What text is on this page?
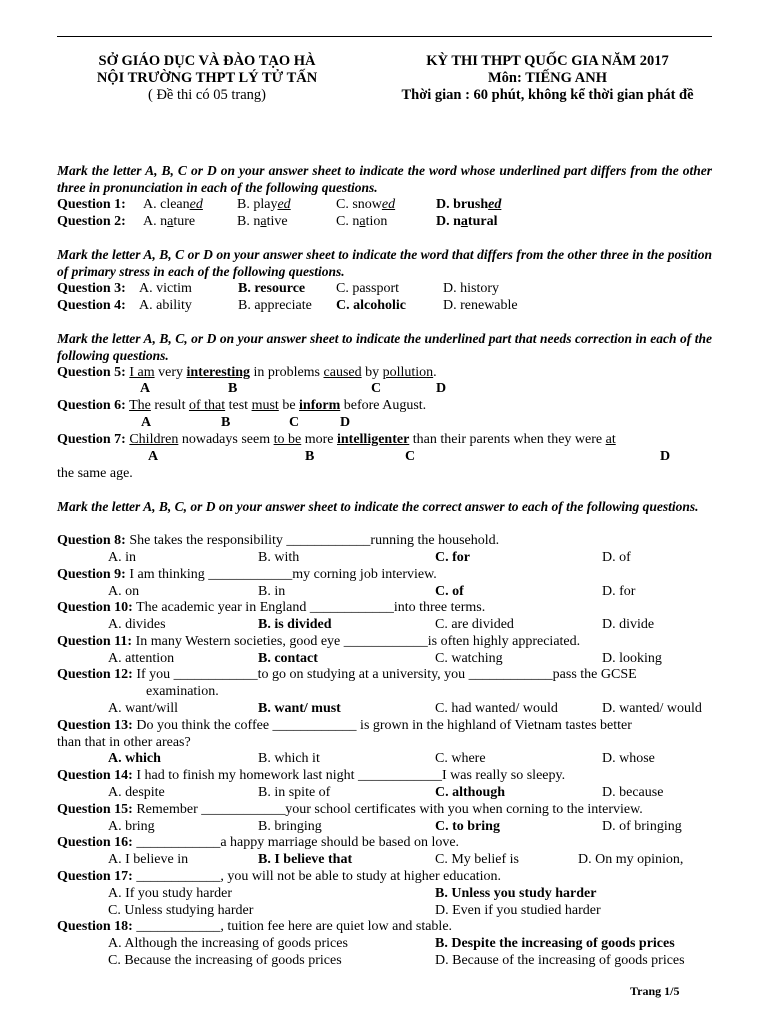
SỞ GIÁO DỤC VÀ ĐÀO TẠO HÀ
NỘI TRƯỜNG THPT LÝ TỬ TẤN
( Đề thi có 05 trang)
KỲ THI THPT QUỐC GIA NĂM 2017
Môn: TIẾNG ANH
Thời gian : 60 phút, không kể thời gian phát đề
Mark the letter A, B, C or D on your answer sheet to indicate the word whose underlined part differs from the other three in pronunciation in each of the following questions.
Question 1: A. cleaned B. played	C. snowed	D. brushed
Question 2: A. nature	B. native	C. nation	D. natural
Mark the letter A, B, C or D on your answer sheet to indicate the word that differs from the other three in the position of primary stress in each of the following questions.
Question 3: A. victim	B. resource C. passport	D. history
Question 4: A. ability	B. appreciate C. alcoholic	D. renewable
Mark the letter A, B, C, or D on your answer sheet to indicate the underlined part that needs correction in each of the following questions.
Question 5: I am very interesting in problems caused by pollution.
A	B	C	D
Question 6: The result of that test must be inform before August.
A	B	C	D
Question 7: Children nowadays seem to be more intelligenter than their parents when they were at
A	B	C	D
the same age.
Mark the letter A, B, C, or D on your answer sheet to indicate the correct answer to each of the following questions.
Question 8: She takes the responsibility ____________running the household.
A. in	B. with	C. for	D. of
Question 9: I am thinking ____________my corning job interview.
A. on	B. in	C. of	D. for
Question 10: The academic year in England ____________into three terms.
A. divides	B. is divided	C. are divided	D. divide
Question 11: In many Western societies, good eye ____________is often highly appreciated.
A. attention	B. contact	C. watching	D. looking
Question 12: If you ____________to go on studying at a university, you ____________pass the GCSE
examination.
A. want/will	B. want/ must	C. had wanted/ would	D. wanted/ would
Question 13: Do you think the coffee ____________ is grown in the highland of Vietnam tastes better
than that in other areas?
A. which	B. which it	C. where	D. whose
Question 14: I had to finish my homework last night ____________I was really so sleepy.
A. despite	B. in spite of	C. although	D. because
Question 15: Remember ____________your school certificates with you when corning to the interview.
A. bring	B. bringing	C. to bring	D. of bringing
Question 16: ____________a happy marriage should be based on love.
A. I believe in	B. I believe that	C. My belief is	D. On my opinion,
Question 17: ____________, you will not be able to study at higher education.
A. If you study harder	B. Unless you study harder
C. Unless studying harder	D. Even if you studied harder
Question 18: ____________, tuition fee here are quiet low and stable.
A. Although the increasing of goods prices	B. Despite the increasing of goods prices
C. Because the increasing of goods prices	D. Because of the increasing of goods prices
Trang 1/5
